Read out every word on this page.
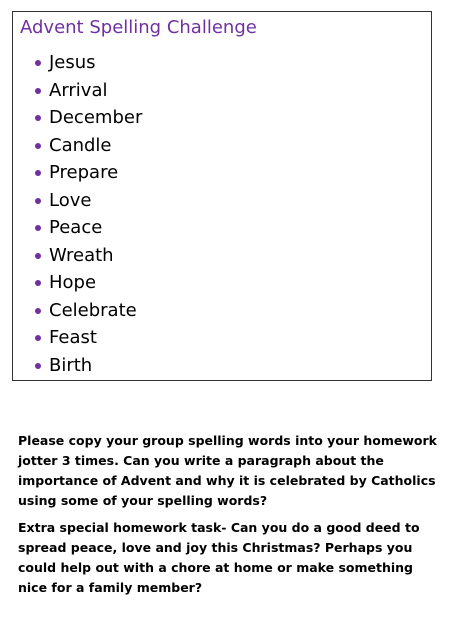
Advent Spelling Challenge
Jesus
Arrival
December
Candle
Prepare
Love
Peace
Wreath
Hope
Celebrate
Feast
Birth

Please copy your group spelling words into your homework jotter 3 times. Can you write a paragraph about the importance of Advent and why it is celebrated by Catholics using some of your spelling words?

Extra special homework task- Can you do a good deed to spread peace, love and joy this Christmas? Perhaps you could help out with a chore at home or make something nice for a family member?
